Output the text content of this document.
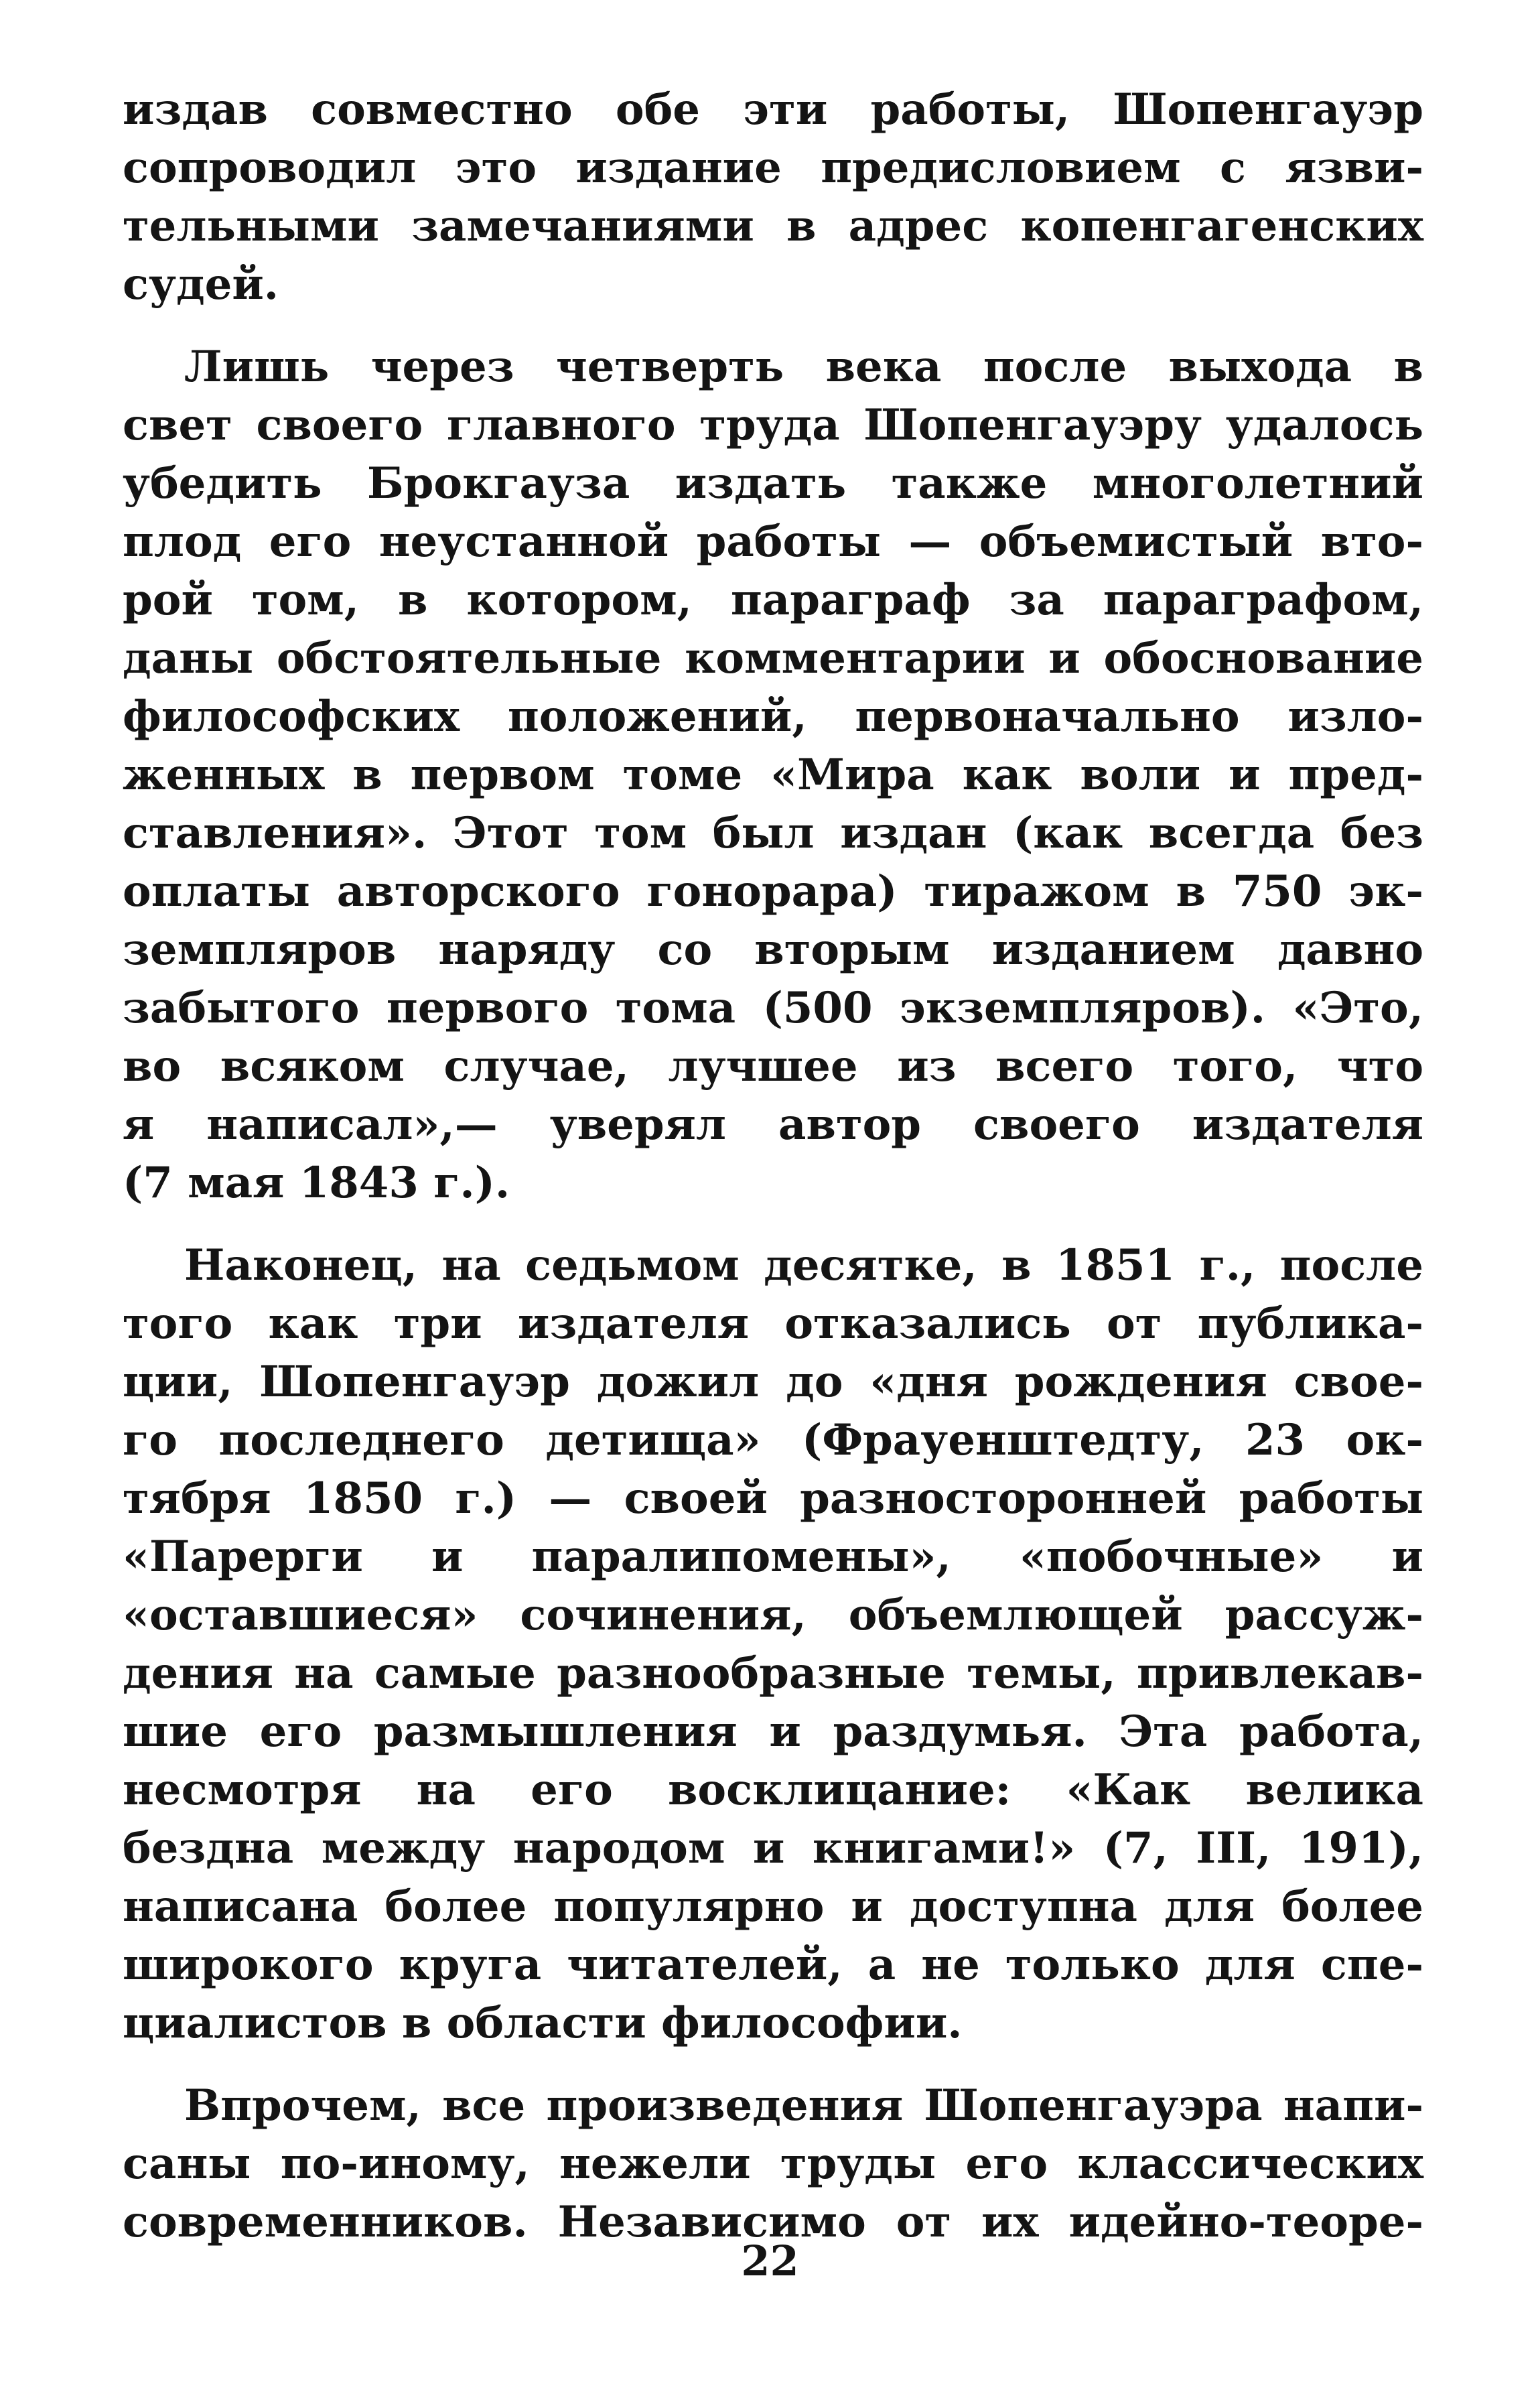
издав совместно обе эти работы, Шопенгауэр
сопроводил это издание предисловием с язви-
тельными замечаниями в адрес копенгагенских
судей.
Лишь через четверть века после выхода в
свет своего главного труда Шопенгауэру удалось
убедить Брокгауза издать также многолетний
плод его неустанной работы — объемистый вто-
рой том, в котором, параграф за параграфом,
даны обстоятельные комментарии и обоснование
философских положений, первоначально изло-
женных в первом томе «Мира как воли и пред-
ставления». Этот том был издан (как всегда без
оплаты авторского гонорара) тиражом в 750 эк-
земпляров наряду со вторым изданием давно
забытого первого тома (500 экземпляров). «Это,
во всяком случае, лучшее из всего того, что
я написал»,— уверял автор своего издателя
(7 мая 1843 г.).
Наконец, на седьмом десятке, в 1851 г., после
того как три издателя отказались от публика-
ции, Шопенгауэр дожил до «дня рождения свое-
го последнего детища» (Фрауенштедту, 23 ок-
тября 1850 г.) — своей разносторонней работы
«Парерги и паралипомены», «побочные» и
«оставшиеся» сочинения, объемлющей рассуж-
дения на самые разнообразные темы, привлекав-
шие его размышления и раздумья. Эта работа,
несмотря на его восклицание: «Как велика
бездна между народом и книгами!» (7, III, 191),
написана более популярно и доступна для более
широкого круга читателей, а не только для спе-
циалистов в области философии.
Впрочем, все произведения Шопенгауэра напи-
саны по-иному, нежели труды его классических
современников. Независимо от их идейно-теоре-
22
